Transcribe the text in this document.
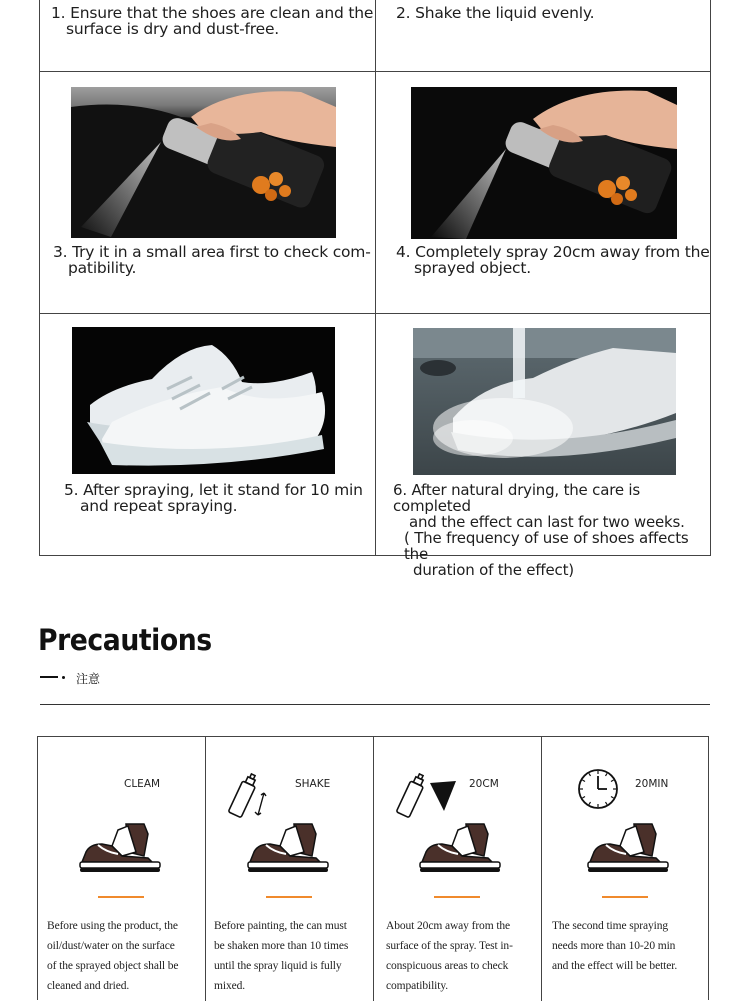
1. Ensure that the shoes are clean and the
surface is dry and dust-free.
2. Shake the liquid evenly.
3. Try it in a small area first to check com-
patibility.
4. Completely spray 20cm away from the
sprayed object.
5. After spraying, let it stand for 10 min
and repeat spraying.
6. After natural drying, the care is completed
and the effect can last for two weeks.
( The frequency of use of shoes affects the
duration of the effect)
Precautions
注意
CLEAM
Before using the product, the
oil/dust/water on the surface
of the sprayed object shall be
cleaned and dried.
SHAKE
Before painting, the can must
be shaken more than 10 times
until the spray liquid is fully
mixed.
20CM
About 20cm away from the
surface of the spray. Test in-
conspicuous areas to check
compatibility.
20MIN
The second time spraying
needs more than 10-20 min
and the effect will be better.
